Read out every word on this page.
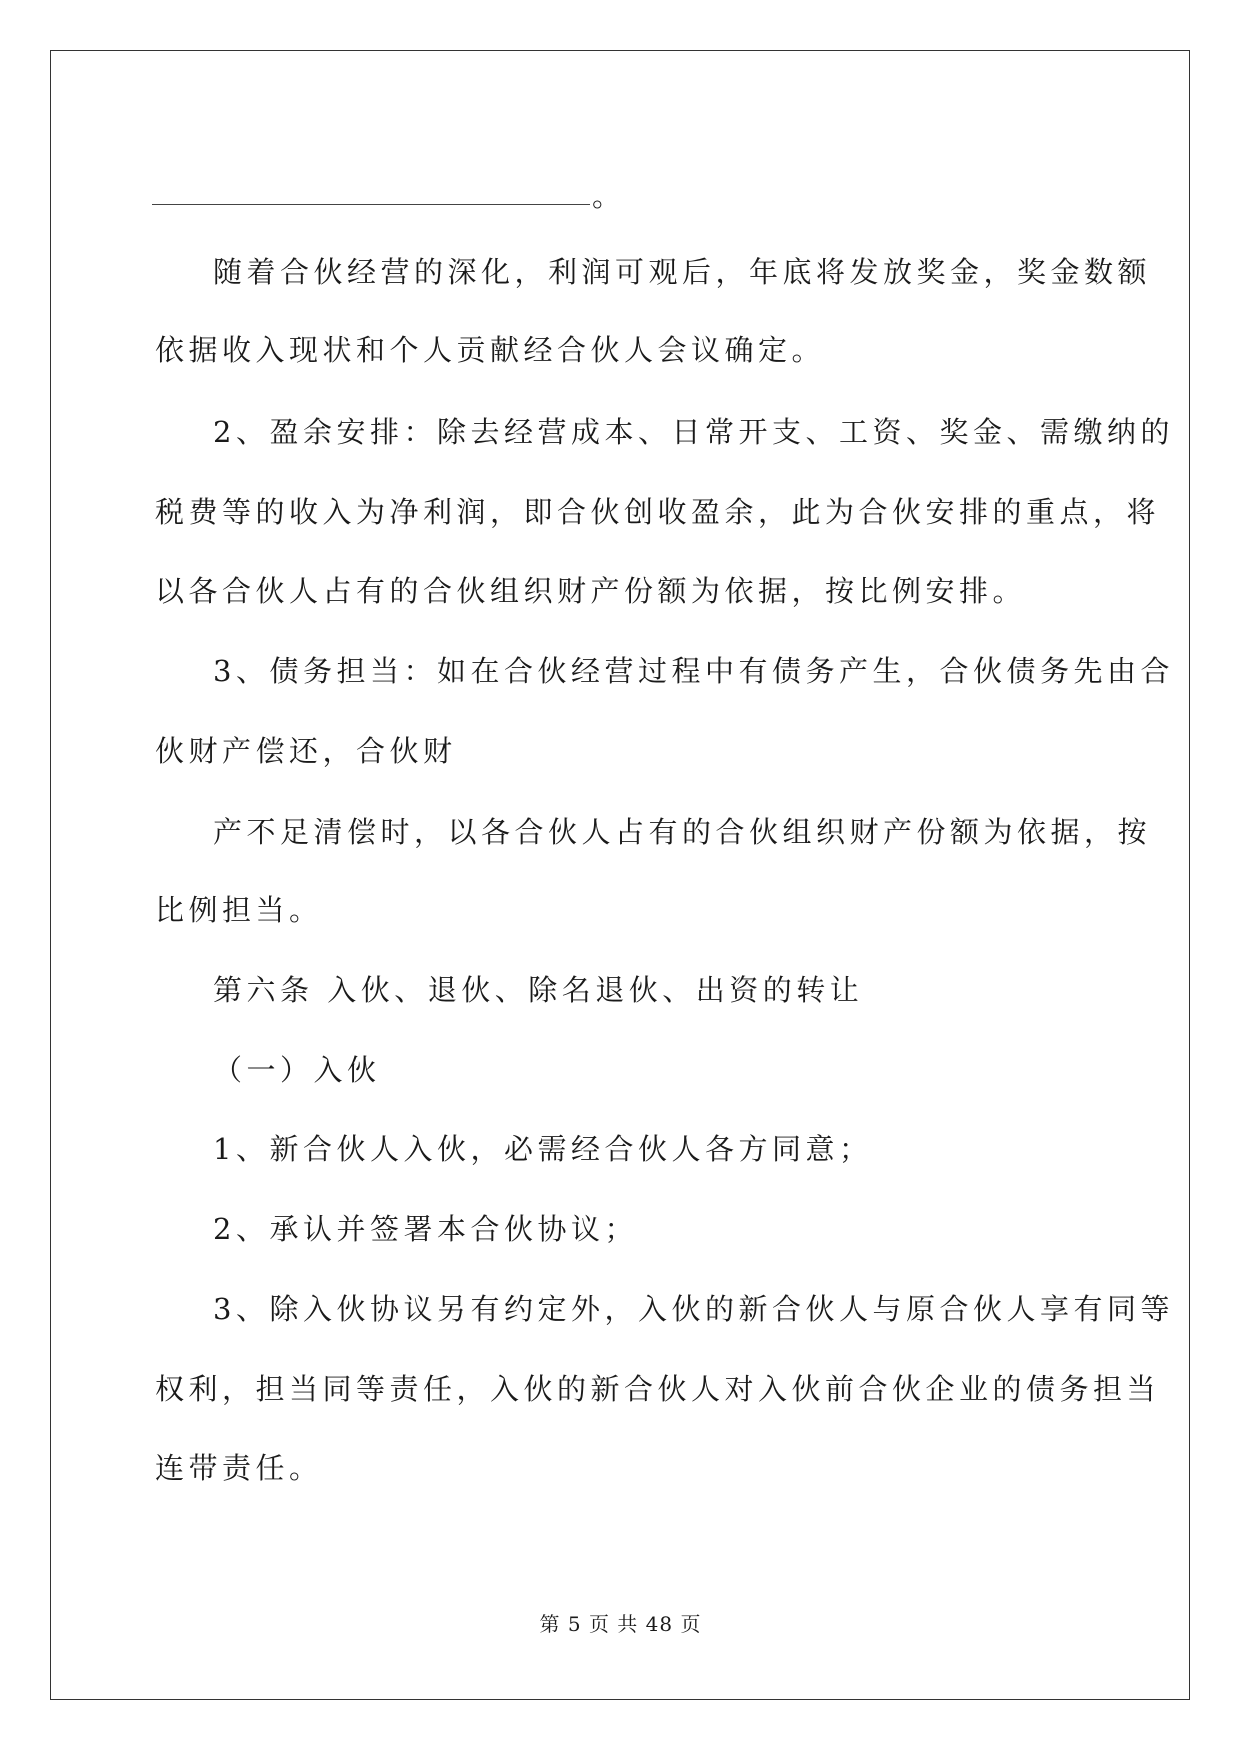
。
随着合伙经营的深化，利润可观后，年底将发放奖金，奖金数额
依据收入现状和个人贡献经合伙人会议确定。
2、盈余安排：除去经营成本、日常开支、工资、奖金、需缴纳的
税费等的收入为净利润，即合伙创收盈余，此为合伙安排的重点，将
以各合伙人占有的合伙组织财产份额为依据，按比例安排。
3、债务担当：如在合伙经营过程中有债务产生，合伙债务先由合
伙财产偿还，合伙财
产不足清偿时，以各合伙人占有的合伙组织财产份额为依据，按
比例担当。
第六条 入伙、退伙、除名退伙、出资的转让
（一）入伙
1、新合伙人入伙，必需经合伙人各方同意；
2、承认并签署本合伙协议；
3、除入伙协议另有约定外，入伙的新合伙人与原合伙人享有同等
权利，担当同等责任，入伙的新合伙人对入伙前合伙企业的债务担当
连带责任。
第 5 页 共 48 页
